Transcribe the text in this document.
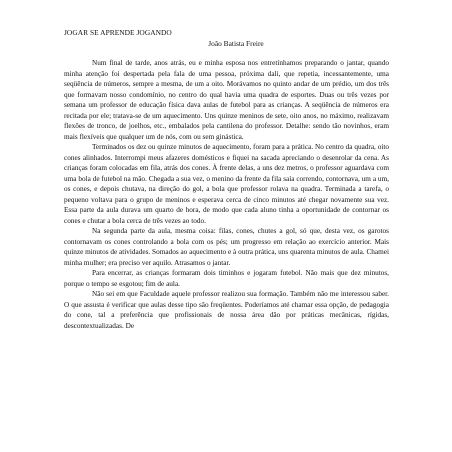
JOGAR SE APRENDE JOGANDO
João Batista Freire

Num final de tarde, anos atrás, eu e minha esposa nos entretínhamos preparando o jantar, quando minha atenção foi despertada pela fala de uma pessoa, próxima dali, que repetia, incessantemente, uma seqüência de números, sempre a mesma, de um a oito. Morávamos no quinto andar de um prédio, um dos três que formavam nosso condomínio, no centro do qual havia uma quadra de esportes. Duas ou três vezes por semana um professor de educação física dava aulas de futebol para as crianças. A seqüência de números era recitada por ele; tratava-se de um aquecimento. Uns quinze meninos de sete, oito anos, no máximo, realizavam flexões de tronco, de joelhos, etc., embalados pela cantilena do professor. Detalhe: sendo tão novinhos, eram mais flexíveis que qualquer um de nós, com ou sem ginástica.

Terminados os dez ou quinze minutos de aquecimento, foram para a prática. No centro da quadra, oito cones alinhados. Interrompi meus afazeres domésticos e fiquei na sacada apreciando o desenrolar da cena. As crianças foram colocadas em fila, atrás dos cones. À frente delas, a uns dez metros, o professor aguardava com uma bola de futebol na mão. Chegada a sua vez, o menino da frente da fila saía correndo, contornava, um a um, os cones, e depois chutava, na direção do gol, a bola que professor rolava na quadra. Terminada a tarefa, o pequeno voltava para o grupo de meninos e esperava cerca de cinco minutos até chegar novamente sua vez. Essa parte da aula durava um quarto de hora, de modo que cada aluno tinha a oportunidade de contornar os cones e chutar a bola cerca de três vezes ao todo.

Na segunda parte da aula, mesma coisa: filas, cones, chutes a gol, só que, desta vez, os garotos contornavam os cones controlando a bola com os pés; um progresso em relação ao exercício anterior. Mais quinze minutos de atividades. Somados ao aquecimento e à outra prática, uns quarenta minutos de aula. Chamei minha mulher; era preciso ver aquilo. Atrasamos o jantar.

Para encerrar, as crianças formaram dois timinhos e jogaram futebol. Não mais que dez minutos, porque o tempo se esgotou; fim de aula.

Não sei em que Faculdade aquele professor realizou sua formação. Também não me interessou saber. O que assusta é verificar que aulas desse tipo são freqüentes. Poderíamos até chamar essa opção, de pedagogia do cone, tal a preferência que profissionais de nossa área dão por práticas mecânicas, rígidas, descontextualizadas. De
